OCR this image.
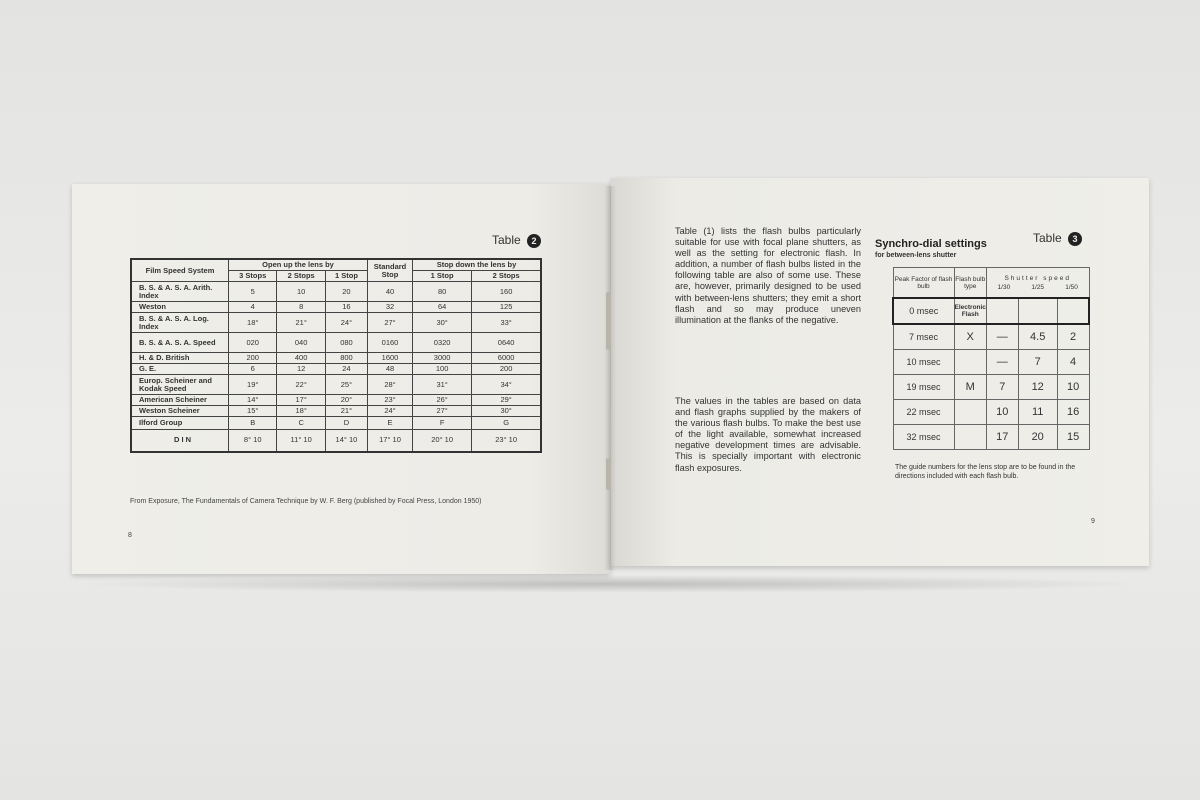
Table 2
Film Speed System	Open up the lens by			Standard Stop	Stop down the lens by	
	3 Stops	2 Stops	1 Stop		1 Stop	2 Stops
B. S. & A. S. A. Arith. Index	5	10	20	40	80	160
Weston	4	8	16	32	64	125
B. S. & A. S. A. Log. Index	18°	21°	24°	27°	30°	33°
B. S. & A. S. A. Speed	020	040	080	0160	0320	0640
H. & D. British	200	400	800	1600	3000	6000
G. E.	6	12	24	48	100	200
Europ. Scheiner and Kodak Speed	19°	22°	25°	28°	31°	34°
American Scheiner	14°	17°	20°	23°	26°	29°
Weston Scheiner	15°	18°	21°	24°	27°	30°
Ilford Group	B	C	D	E	F	G
D I N	8° 10	11° 10	14° 10	17° 10	20° 10	23° 10
From Exposure, The Fundamentals of Camera Technique by W. F. Berg (published by Focal Press, London 1950)
8
Table (1) lists the flash bulbs particularly suitable for use with focal plane shutters, as well as the setting for electronic flash. In addition, a number of flash bulbs listed in the following table are also of some use. These are, however, primarily designed to be used with between-lens shutters; they emit a short flash and so may produce uneven illumination at the flanks of the negative.
The values in the tables are based on data and flash graphs supplied by the makers of the various flash bulbs. To make the best use of the light available, somewhat increased negative development times are advisable. This is specially important with electronic flash exposures.
Table 3
Synchro-dial settings
for between-lens shutter
Peak Factor of flash bulb	Flash bulb type	Shutter speed
1/30 1/25 1/50		

0 msec	Electronic Flash			
7 msec	X	—	4.5	2
10 msec		—	7	4
19 msec	M	7	12	10
22 msec		10	11	16
32 msec		17	20	15
The guide numbers for the lens stop are to be found in the directions included with each flash bulb.
9
